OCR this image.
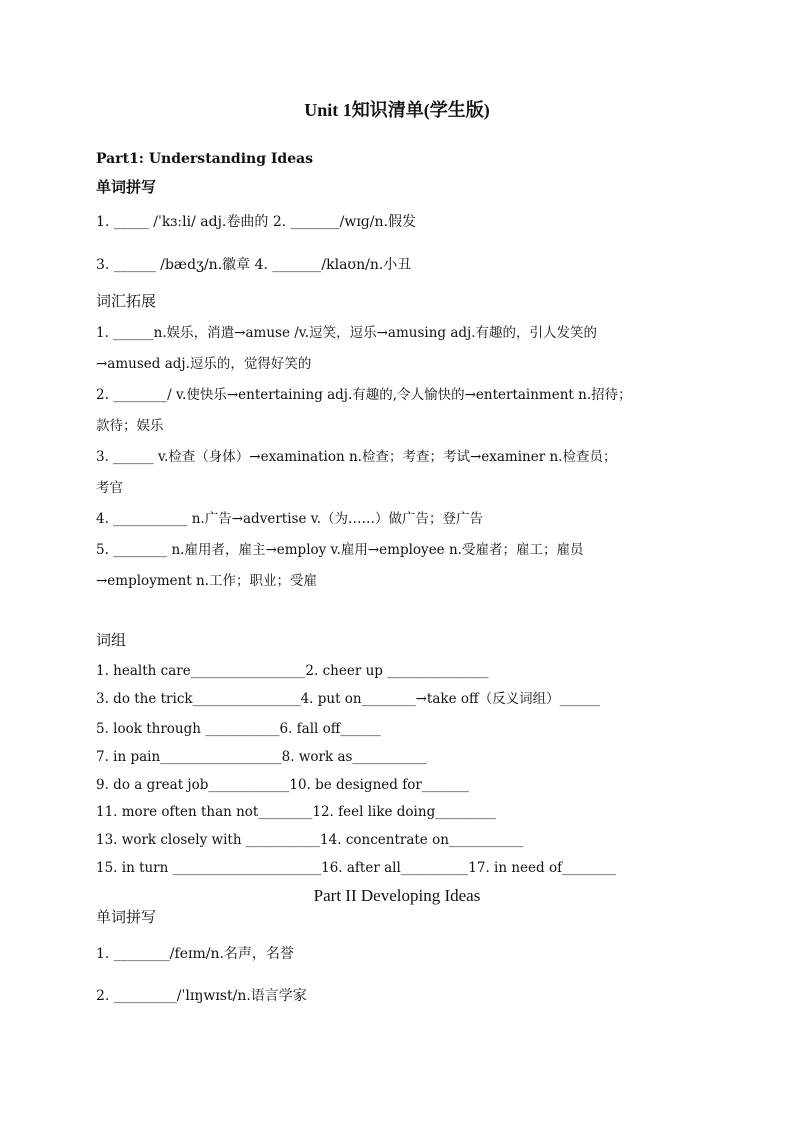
Unit 1知识清单(学生版)
Part1: Understanding Ideas
单词拼写
1. _____ /ˈkɜːli/ adj.卷曲的 2. _______/wɪɡ/n.假发
3. ______ /bædʒ/n.徽章 4. _______/klaʊn/n.小丑
词汇拓展
1. ______n.娱乐，消遣→amuse /v.逗笑，逗乐→amusing adj.有趣的，引人发笑的
→amused adj.逗乐的，觉得好笑的
2. ________/ v.使快乐→entertaining adj.有趣的,令人愉快的→entertainment n.招待；
款待；娱乐
3. ______ v.检查（身体）→examination n.检查；考查；考试→examiner n.检查员；
考官
4. ___________ n.广告→advertise v.（为……）做广告；登广告
5. ________ n.雇用者，雇主→employ v.雇用→employee n.受雇者；雇工；雇员
→employment n.工作；职业；受雇
词组
1. health care_________________2. cheer up _______________
3. do the trick________________4. put on________→take off（反义词组）______
5. look through ___________6. fall off______
7. in pain__________________8. work as___________
9. do a great job____________10. be designed for_______
11. more often than not________12. feel like doing_________
13. work closely with ___________14. concentrate on___________
15. in turn ______________________16. after all__________17. in need of________
Part II Developing Ideas
单词拼写
1. ________/feɪm/n.名声，名誉
2. _________/ˈlɪŋwɪst/n.语言学家
